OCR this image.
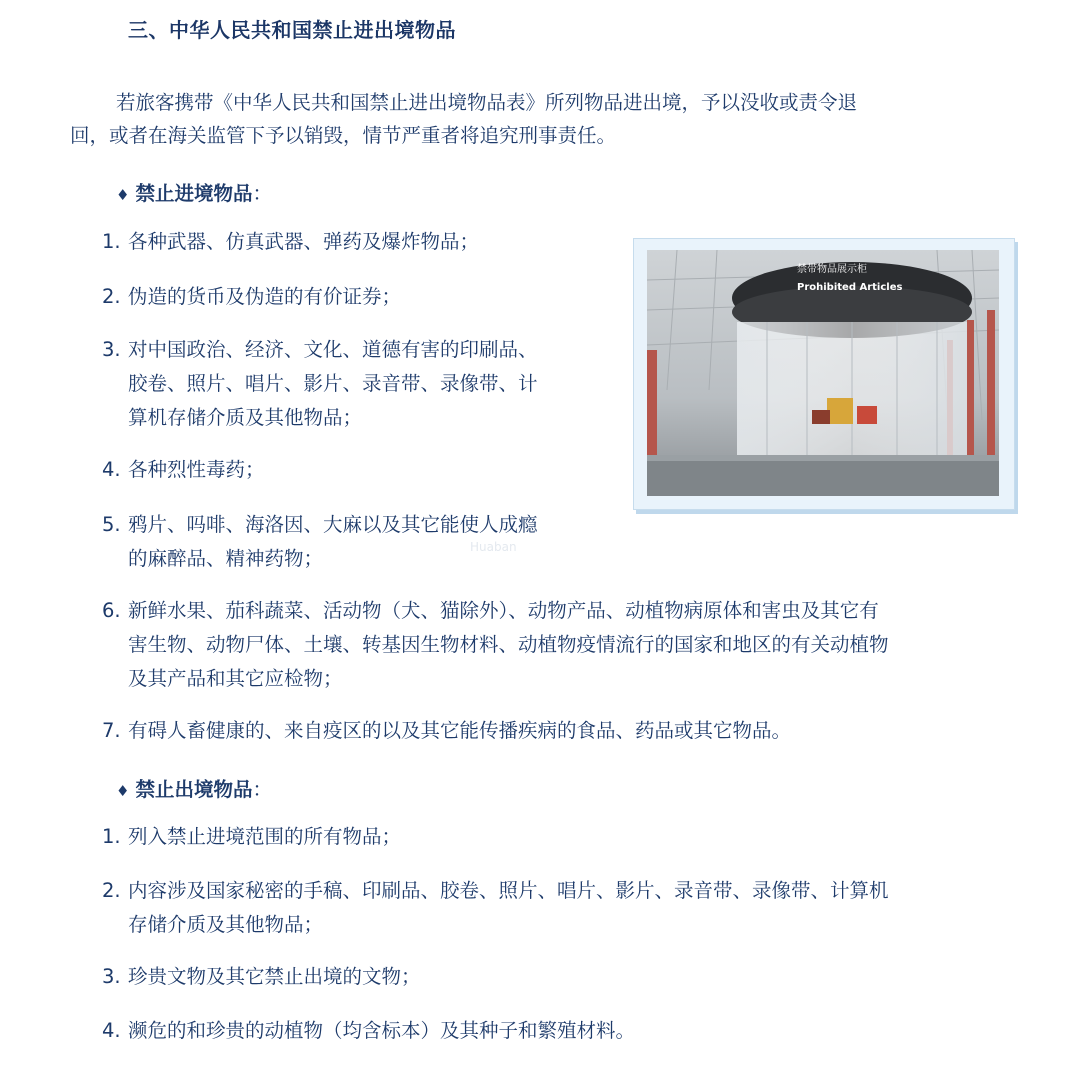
三、中华人民共和国禁止进出境物品
若旅客携带《中华人民共和国禁止进出境物品表》所列物品进出境，予以没收或责令退
回，或者在海关监管下予以销毁，情节严重者将追究刑事责任。
♦ 禁止进境物品：
1. 各种武器、仿真武器、弹药及爆炸物品；
2. 伪造的货币及伪造的有价证券；
3. 对中国政治、经济、文化、道德有害的印刷品、
胶卷、照片、唱片、影片、录音带、录像带、计
算机存储介质及其他物品；
4. 各种烈性毒药；
5. 鸦片、吗啡、海洛因、大麻以及其它能使人成瘾
的麻醉品、精神药物；
6. 新鲜水果、茄科蔬菜、活动物（犬、猫除外）、动物产品、动植物病原体和害虫及其它有
害生物、动物尸体、土壤、转基因生物材料、动植物疫情流行的国家和地区的有关动植物
及其产品和其它应检物；
7. 有碍人畜健康的、来自疫区的以及其它能传播疾病的食品、药品或其它物品。
♦ 禁止出境物品：
1. 列入禁止进境范围的所有物品；
2. 内容涉及国家秘密的手稿、印刷品、胶卷、照片、唱片、影片、录音带、录像带、计算机
存储介质及其他物品；
3. 珍贵文物及其它禁止出境的文物；
4. 濒危的和珍贵的动植物（均含标本）及其种子和繁殖材料。
禁带物品展示柜
Prohibited Articles
Huaban
